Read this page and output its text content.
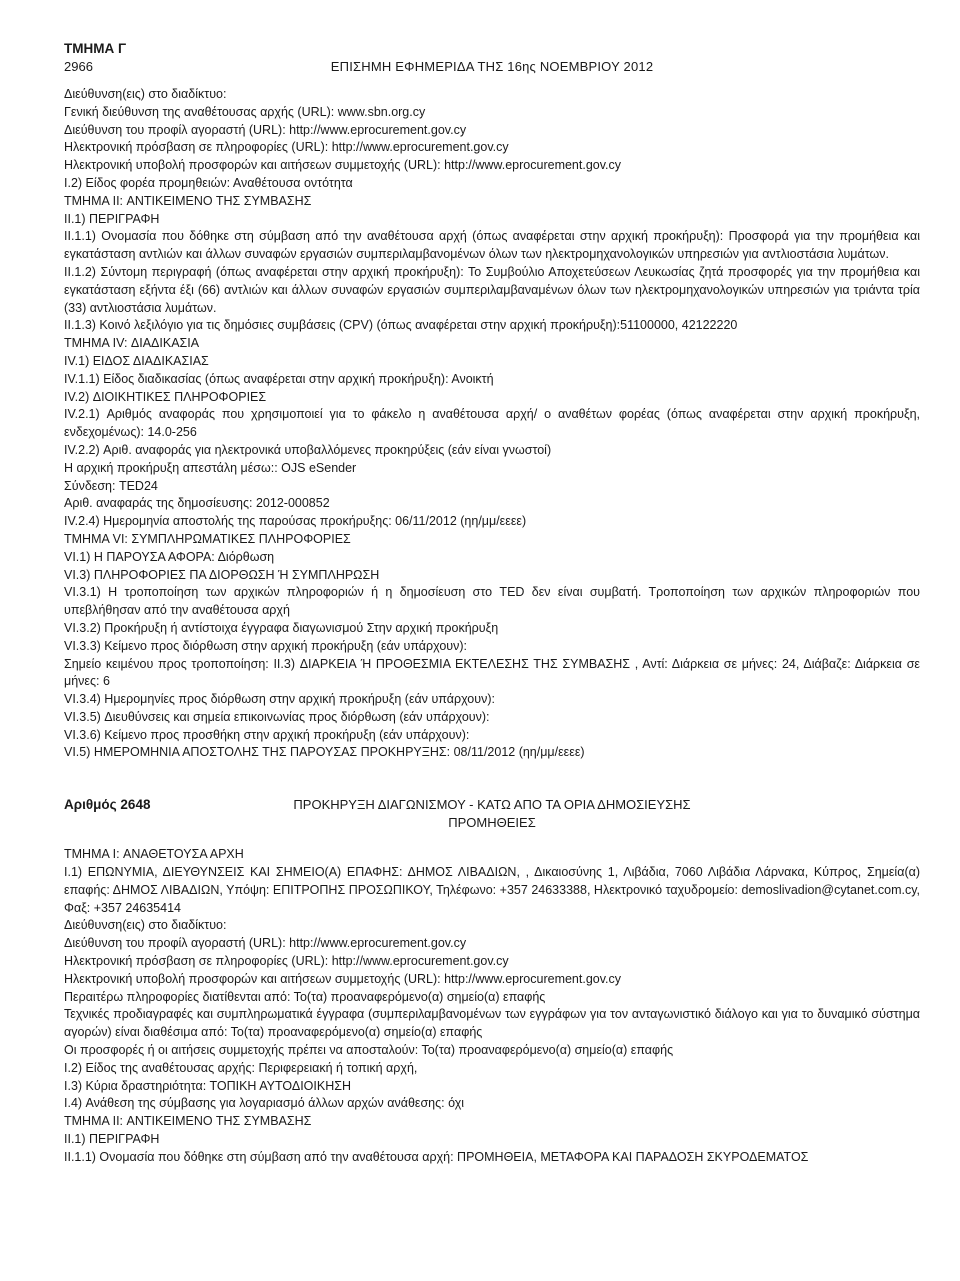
ΤΜΗΜΑ Γ
2966	ΕΠΙΣΗΜΗ ΕΦΗΜΕΡΙΔΑ ΤΗΣ 16ης ΝΟΕΜΒΡΙΟΥ 2012
Διεύθυνση(εις) στο διαδίκτυο:
Γενική διεύθυνση της αναθέτουσας αρχής (URL): www.sbn.org.cy
Διεύθυνση του προφίλ αγοραστή (URL): http://www.eprocurement.gov.cy
Ηλεκτρονική πρόσβαση σε πληροφορίες (URL): http://www.eprocurement.gov.cy
Ηλεκτρονική υποβολή προσφορών και αιτήσεων συμμετοχής (URL): http://www.eprocurement.gov.cy
I.2) Είδος φορέα προμηθειών: Αναθέτουσα οντότητα
ΤΜΗΜΑ II: ΑΝΤΙΚΕΙΜΕΝΟ ΤΗΣ ΣΥΜΒΑΣΗΣ
II.1) ΠΕΡΙΓΡΑΦΗ
II.1.1) Ονομασία που δόθηκε στη σύμβαση από την αναθέτουσα αρχή (όπως αναφέρεται στην αρχική προκήρυξη): Προσφορά για την προμήθεια και εγκατάσταση αντλιών και άλλων συναφών εργασιών συμπεριλαμβανομένων όλων των ηλεκτρομηχανολογικών υπηρεσιών για αντλιοστάσια λυμάτων.
II.1.2) Σύντομη περιγραφή (όπως αναφέρεται στην αρχική προκήρυξη): Το Συμβούλιο Αποχετεύσεων Λευκωσίας ζητά προσφορές για την προμήθεια και εγκατάσταση εξήντα έξι (66) αντλιών και άλλων συναφών εργασιών συμπεριλαμβαναμένων όλων των ηλεκτρομηχανολογικών υπηρεσιών για τριάντα τρία (33) αντλιοστάσια λυμάτων.
II.1.3) Κοινό λεξιλόγιο για τις δημόσιες συμβάσεις (CPV) (όπως αναφέρεται στην αρχική προκήρυξη):51100000, 42122220
ΤΜΗΜΑ IV: ΔΙΑΔΙΚΑΣΙΑ
IV.1) ΕΙΔΟΣ ΔΙΑΔΙΚΑΣΙΑΣ
IV.1.1) Είδος διαδικασίας (όπως αναφέρεται στην αρχική προκήρυξη): Ανοικτή
IV.2) ΔΙΟΙΚΗΤΙΚΕΣ ΠΛΗΡΟΦΟΡΙΕΣ
IV.2.1) Αριθμός αναφοράς που χρησιμοποιεί για το φάκελο η αναθέτουσα αρχή/ ο αναθέτων φορέας (όπως αναφέρεται στην αρχική προκήρυξη, ενδεχομένως): 14.0-256
IV.2.2) Αριθ. αναφοράς για ηλεκτρονικά υποβαλλόμενες προκηρύξεις (εάν είναι γνωστοί)
Η αρχική προκήρυξη απεστάλη μέσω:: OJS eSender
Σύνδεση: TED24
Αριθ. αναφαράς της δημοσίευσης: 2012-000852
IV.2.4) Ημερομηνία αποστολής της παρούσας προκήρυξης: 06/11/2012 (ηη/μμ/εεεε)
ΤΜΗΜΑ VI: ΣΥΜΠΛΗΡΩΜΑΤΙΚΕΣ ΠΛΗΡΟΦΟΡΙΕΣ
VI.1) Η ΠΑΡΟΥΣΑ ΑΦΟΡΑ: Διόρθωση
VI.3) ΠΛΗΡΟΦΟΡΙΕΣ ΠΑ ΔΙΟΡΘΩΣΗ Ή ΣΥΜΠΛΗΡΩΣΗ
VI.3.1) Η τροποποίηση των αρχικών πληροφοριών ή η δημοσίευση στο TED δεν είναι συμβατή. Τροποποίηση των αρχικών πληροφοριών που υπεβλήθησαν από την αναθέτουσα αρχή
VI.3.2) Προκήρυξη ή αντίστοιχα έγγραφα διαγωνισμού Στην αρχική προκήρυξη
VI.3.3) Κείμενο προς διόρθωση στην αρχική προκήρυξη (εάν υπάρχουν):
Σημείο κειμένου προς τροποποίηση: II.3) ΔΙΑΡΚΕΙΑ Ή ΠΡΟΘΕΣΜΙΑ ΕΚΤΕΛΕΣΗΣ ΤΗΣ ΣΥΜΒΑΣΗΣ , Αντί: Διάρκεια σε μήνες: 24, Διάβαζε: Διάρκεια σε μήνες: 6
VI.3.4) Ημερομηνίες προς διόρθωση στην αρχική προκήρυξη (εάν υπάρχουν):
VI.3.5) Διευθύνσεις και σημεία επικοινωνίας προς διόρθωση (εάν υπάρχουν):
VI.3.6) Κείμενο προς προσθήκη στην αρχική προκήρυξη (εάν υπάρχουν):
VI.5) ΗΜΕΡΟΜΗΝΙΑ ΑΠΟΣΤΟΛΗΣ ΤΗΣ ΠΑΡΟΥΣΑΣ ΠΡΟΚΗΡΥΞΗΣ: 08/11/2012 (ηη/μμ/εεεε)
Αριθμός 2648	ΠΡΟΚΗΡΥΞΗ ΔΙΑΓΩΝΙΣΜΟΥ - ΚΑΤΩ ΑΠΟ ΤΑ ΟΡΙΑ ΔΗΜΟΣΙΕΥΣΗΣ
ΠΡΟΜΗΘΕΙΕΣ
ΤΜΗΜΑ I: ΑΝΑΘΕΤΟΥΣΑ ΑΡΧΗ
I.1) ΕΠΩΝΥΜΙΑ, ΔΙΕΥΘΥΝΣΕΙΣ ΚΑΙ ΣΗΜΕΙΟ(Α) ΕΠΑΦΗΣ: ΔΗΜΟΣ ΛΙΒΑΔΙΩΝ, , Δικαιοσύνης 1, Λιβάδια, 7060 Λιβάδια Λάρνακα, Κύπρος, Σημεία(α) επαφής: ΔΗΜΟΣ ΛΙΒΑΔΙΩΝ, Υπόψη: ΕΠΙΤΡΟΠΗΣ ΠΡΟΣΩΠΙΚΟΥ, Τηλέφωνο: +357 24633388, Ηλεκτρονικό ταχυδρομείο: demoslivadion@cytanet.com.cy, Φαξ: +357 24635414
Διεύθυνση(εις) στο διαδίκτυο:
Διεύθυνση του προφίλ αγοραστή (URL): http://www.eprocurement.gov.cy
Ηλεκτρονική πρόσβαση σε πληροφορίες (URL): http://www.eprocurement.gov.cy
Ηλεκτρονική υποβολή προσφορών και αιτήσεων συμμετοχής (URL): http://www.eprocurement.gov.cy
Περαιτέρω πληροφορίες διατίθενται από: Το(τα) προαναφερόμενο(α) σημείο(α) επαφής
Τεχνικές προδιαγραφές και συμπληρωματικά έγγραφα (συμπεριλαμβανομένων των εγγράφων για τον ανταγωνιστικό διάλογο και για το δυναμικό σύστημα αγορών) είναι διαθέσιμα από: Το(τα) προαναφερόμενο(α) σημείο(α) επαφής
Οι προσφορές ή οι αιτήσεις συμμετοχής πρέπει να αποσταλούν: Το(τα) προαναφερόμενο(α) σημείο(α) επαφής
I.2) Είδος της αναθέτουσας αρχής: Περιφερειακή ή τοπική αρχή,
I.3) Κύρια δραστηριότητα: ΤΟΠΙΚΗ ΑΥΤΟΔΙΟΙΚΗΣΗ
I.4) Ανάθεση της σύμβασης για λογαριασμό άλλων αρχών ανάθεσης: όχι
ΤΜΗΜΑ II: ΑΝΤΙΚΕΙΜΕΝΟ ΤΗΣ ΣΥΜΒΑΣΗΣ
II.1) ΠΕΡΙΓΡΑΦΗ
II.1.1) Ονομασία που δόθηκε στη σύμβαση από την αναθέτουσα αρχή: ΠΡΟΜΗΘΕΙΑ, ΜΕΤΑΦΟΡΑ ΚΑΙ ΠΑΡΑΔΟΣΗ ΣΚΥΡΟΔΕΜΑΤΟΣ
